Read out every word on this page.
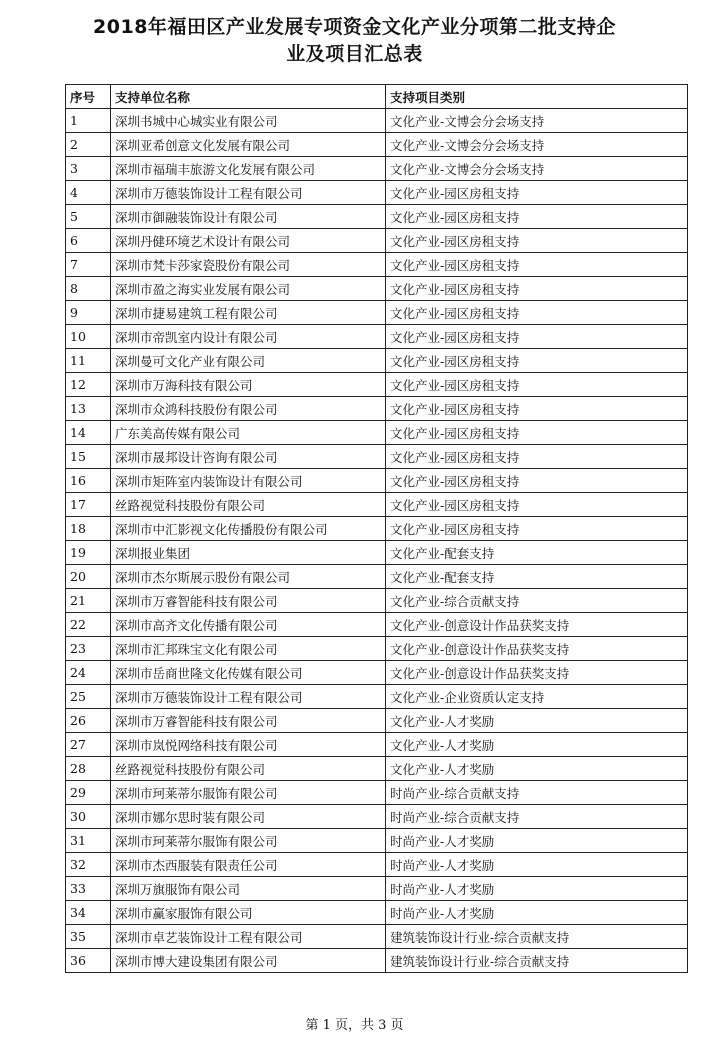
2018年福田区产业发展专项资金文化产业分项第二批支持企
业及项目汇总表
序号	支持单位名称	支持项目类别
1	深圳书城中心城实业有限公司	文化产业-文博会分会场支持
2	深圳亚希创意文化发展有限公司	文化产业-文博会分会场支持
3	深圳市福瑞丰旅游文化发展有限公司	文化产业-文博会分会场支持
4	深圳市万德装饰设计工程有限公司	文化产业-园区房租支持
5	深圳市御融装饰设计有限公司	文化产业-园区房租支持
6	深圳丹健环境艺术设计有限公司	文化产业-园区房租支持
7	深圳市梵卡莎家瓷股份有限公司	文化产业-园区房租支持
8	深圳市盈之海实业发展有限公司	文化产业-园区房租支持
9	深圳市捷易建筑工程有限公司	文化产业-园区房租支持
10	深圳市帝凯室内设计有限公司	文化产业-园区房租支持
11	深圳曼可文化产业有限公司	文化产业-园区房租支持
12	深圳市万海科技有限公司	文化产业-园区房租支持
13	深圳市众鸿科技股份有限公司	文化产业-园区房租支持
14	广东美高传媒有限公司	文化产业-园区房租支持
15	深圳市晟邦设计咨询有限公司	文化产业-园区房租支持
16	深圳市矩阵室内装饰设计有限公司	文化产业-园区房租支持
17	丝路视觉科技股份有限公司	文化产业-园区房租支持
18	深圳市中汇影视文化传播股份有限公司	文化产业-园区房租支持
19	深圳报业集团	文化产业-配套支持
20	深圳市杰尔斯展示股份有限公司	文化产业-配套支持
21	深圳市万睿智能科技有限公司	文化产业-综合贡献支持
22	深圳市高齐文化传播有限公司	文化产业-创意设计作品获奖支持
23	深圳市汇邦珠宝文化有限公司	文化产业-创意设计作品获奖支持
24	深圳市岳商世隆文化传媒有限公司	文化产业-创意设计作品获奖支持
25	深圳市万德装饰设计工程有限公司	文化产业-企业资质认定支持
26	深圳市万睿智能科技有限公司	文化产业-人才奖励
27	深圳市岚悦网络科技有限公司	文化产业-人才奖励
28	丝路视觉科技股份有限公司	文化产业-人才奖励
29	深圳市珂莱蒂尔服饰有限公司	时尚产业-综合贡献支持
30	深圳市娜尔思时装有限公司	时尚产业-综合贡献支持
31	深圳市珂莱蒂尔服饰有限公司	时尚产业-人才奖励
32	深圳市杰西服装有限责任公司	时尚产业-人才奖励
33	深圳万旗服饰有限公司	时尚产业-人才奖励
34	深圳市赢家服饰有限公司	时尚产业-人才奖励
35	深圳市卓艺装饰设计工程有限公司	建筑装饰设计行业-综合贡献支持
36	深圳市博大建设集团有限公司	建筑装饰设计行业-综合贡献支持
第 1 页，共 3 页
